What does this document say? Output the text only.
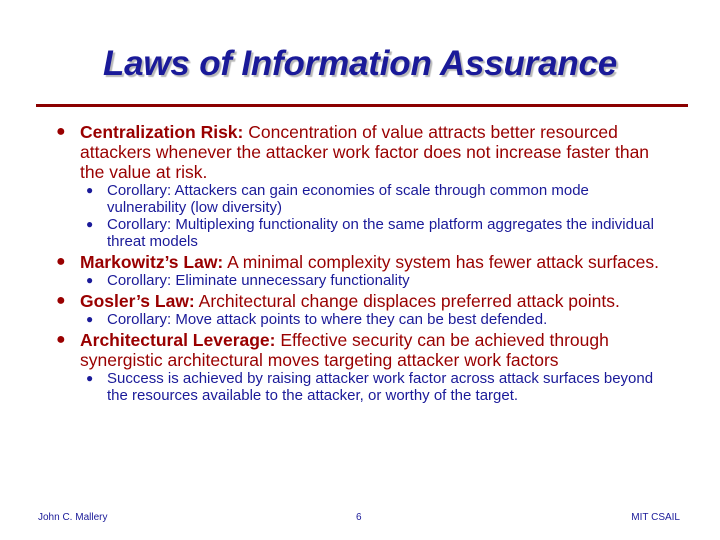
Laws of Information Assurance
● Centralization Risk: Concentration of value attracts better resourced attackers whenever the attacker work factor does not increase faster than the value at risk.
● Corollary: Attackers can gain economies of scale through common mode vulnerability (low diversity)
● Corollary: Multiplexing functionality on the same platform aggregates the individual threat models
● Markowitz’s Law: A minimal complexity system has fewer attack surfaces.
● Corollary: Eliminate unnecessary functionality
● Gosler’s Law: Architectural change displaces preferred attack points.
● Corollary: Move attack points to where they can be best defended.
● Architectural Leverage: Effective security can be achieved through synergistic architectural moves targeting attacker work factors
● Success is achieved by raising attacker work factor across attack surfaces beyond the resources available to the attacker, or worthy of the target.
John C. Mallery	6	MIT CSAIL
